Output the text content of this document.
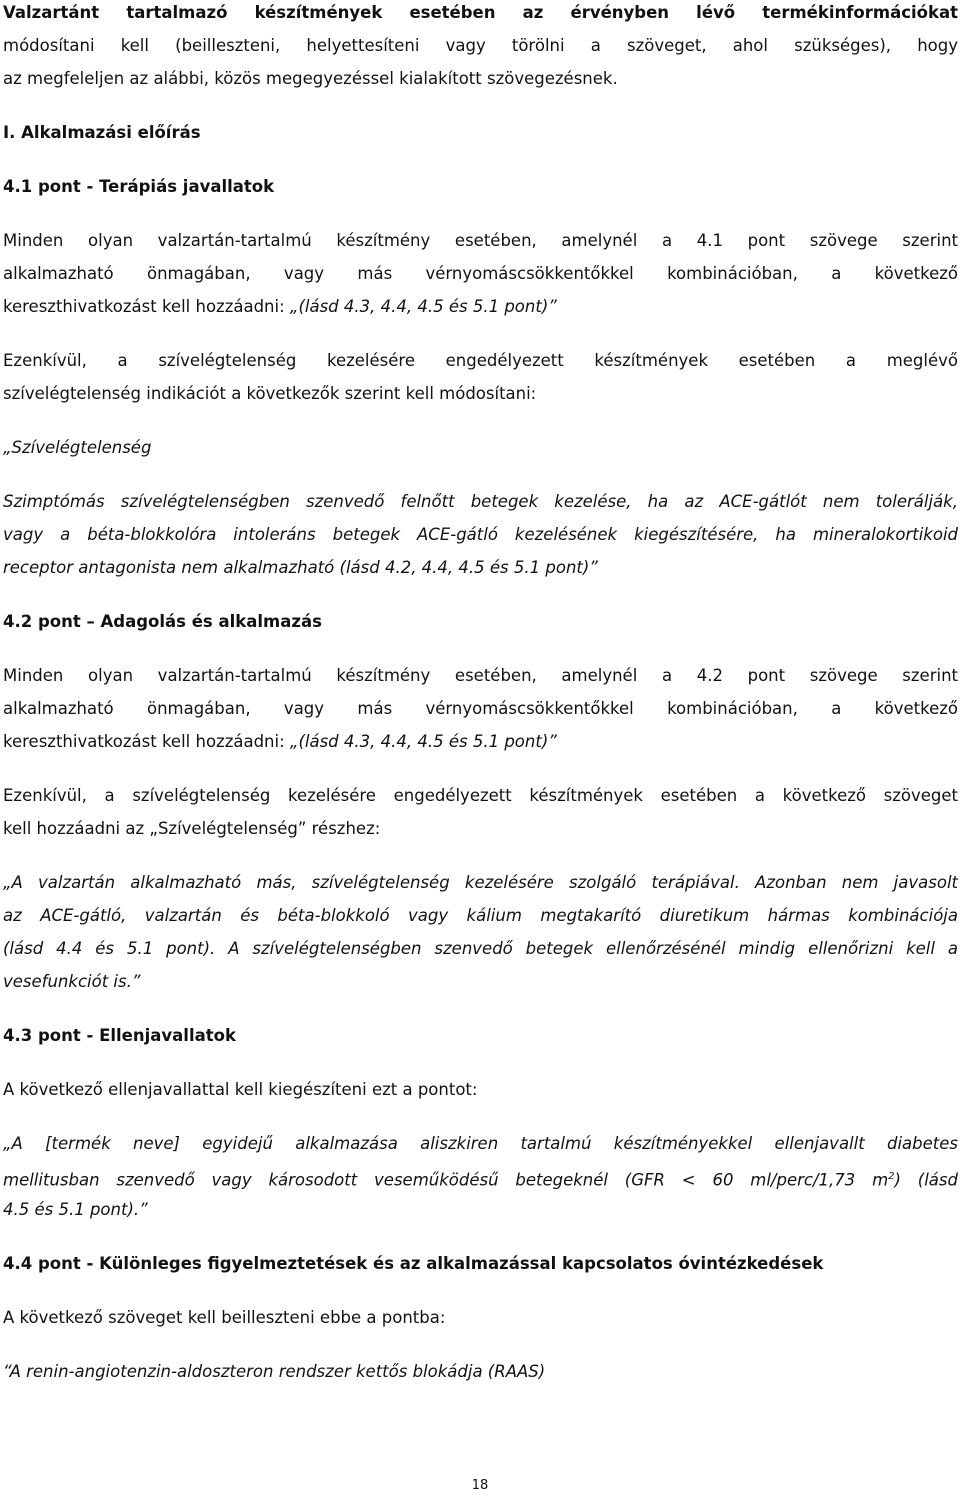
Valzartánt tartalmazó készítmények esetében az érvényben lévő termékinformációkat

módosítani kell (beilleszteni, helyettesíteni vagy törölni a szöveget, ahol szükséges), hogy

az megfeleljen az alábbi, közös megegyezéssel kialakított szövegezésnek.

I. Alkalmazási előírás

4.1 pont - Terápiás javallatok

Minden olyan valzartán-tartalmú készítmény esetében, amelynél a 4.1 pont szövege szerint

alkalmazható önmagában, vagy más vérnyomáscsökkentőkkel kombinációban, a következő

kereszthivatkozást kell hozzáadni: „(lásd 4.3, 4.4, 4.5 és 5.1 pont)”

Ezenkívül, a szívelégtelenség kezelésére engedélyezett készítmények esetében a meglévő

szívelégtelenség indikációt a következők szerint kell módosítani:

„Szívelégtelenség

Szimptómás szívelégtelenségben szenvedő felnőtt betegek kezelése, ha az ACE-gátlót nem tolerálják,

vagy a béta-blokkolóra intoleráns betegek ACE-gátló kezelésének kiegészítésére, ha mineralokortikoid

receptor antagonista nem alkalmazható (lásd 4.2, 4.4, 4.5 és 5.1 pont)”

4.2 pont – Adagolás és alkalmazás

Minden olyan valzartán-tartalmú készítmény esetében, amelynél a 4.2 pont szövege szerint

alkalmazható önmagában, vagy más vérnyomáscsökkentőkkel kombinációban, a következő

kereszthivatkozást kell hozzáadni: „(lásd 4.3, 4.4, 4.5 és 5.1 pont)”

Ezenkívül, a szívelégtelenség kezelésére engedélyezett készítmények esetében a következő szöveget

kell hozzáadni az „Szívelégtelenség” részhez:

„A valzartán alkalmazható más, szívelégtelenség kezelésére szolgáló terápiával. Azonban nem javasolt

az ACE-gátló, valzartán és béta-blokkoló vagy kálium megtakarító diuretikum hármas kombinációja

(lásd 4.4 és 5.1 pont). A szívelégtelenségben szenvedő betegek ellenőrzésénél mindig ellenőrizni kell a

vesefunkciót is.”

4.3 pont - Ellenjavallatok

A következő ellenjavallattal kell kiegészíteni ezt a pontot:

„A [termék neve] egyidejű alkalmazása aliszkiren tartalmú készítményekkel ellenjavallt diabetes

mellitusban szenvedő vagy károsodott veseműködésű betegeknél (GFR < 60 ml/perc/1,73 $m^2$) (lásd

4.5 és 5.1 pont).”

4.4 pont - Különleges figyelmeztetések és az alkalmazással kapcsolatos óvintézkedések

A következő szöveget kell beilleszteni ebbe a pontba:

“A renin-angiotenzin-aldoszteron rendszer kettős blokádja (RAAS)

18
